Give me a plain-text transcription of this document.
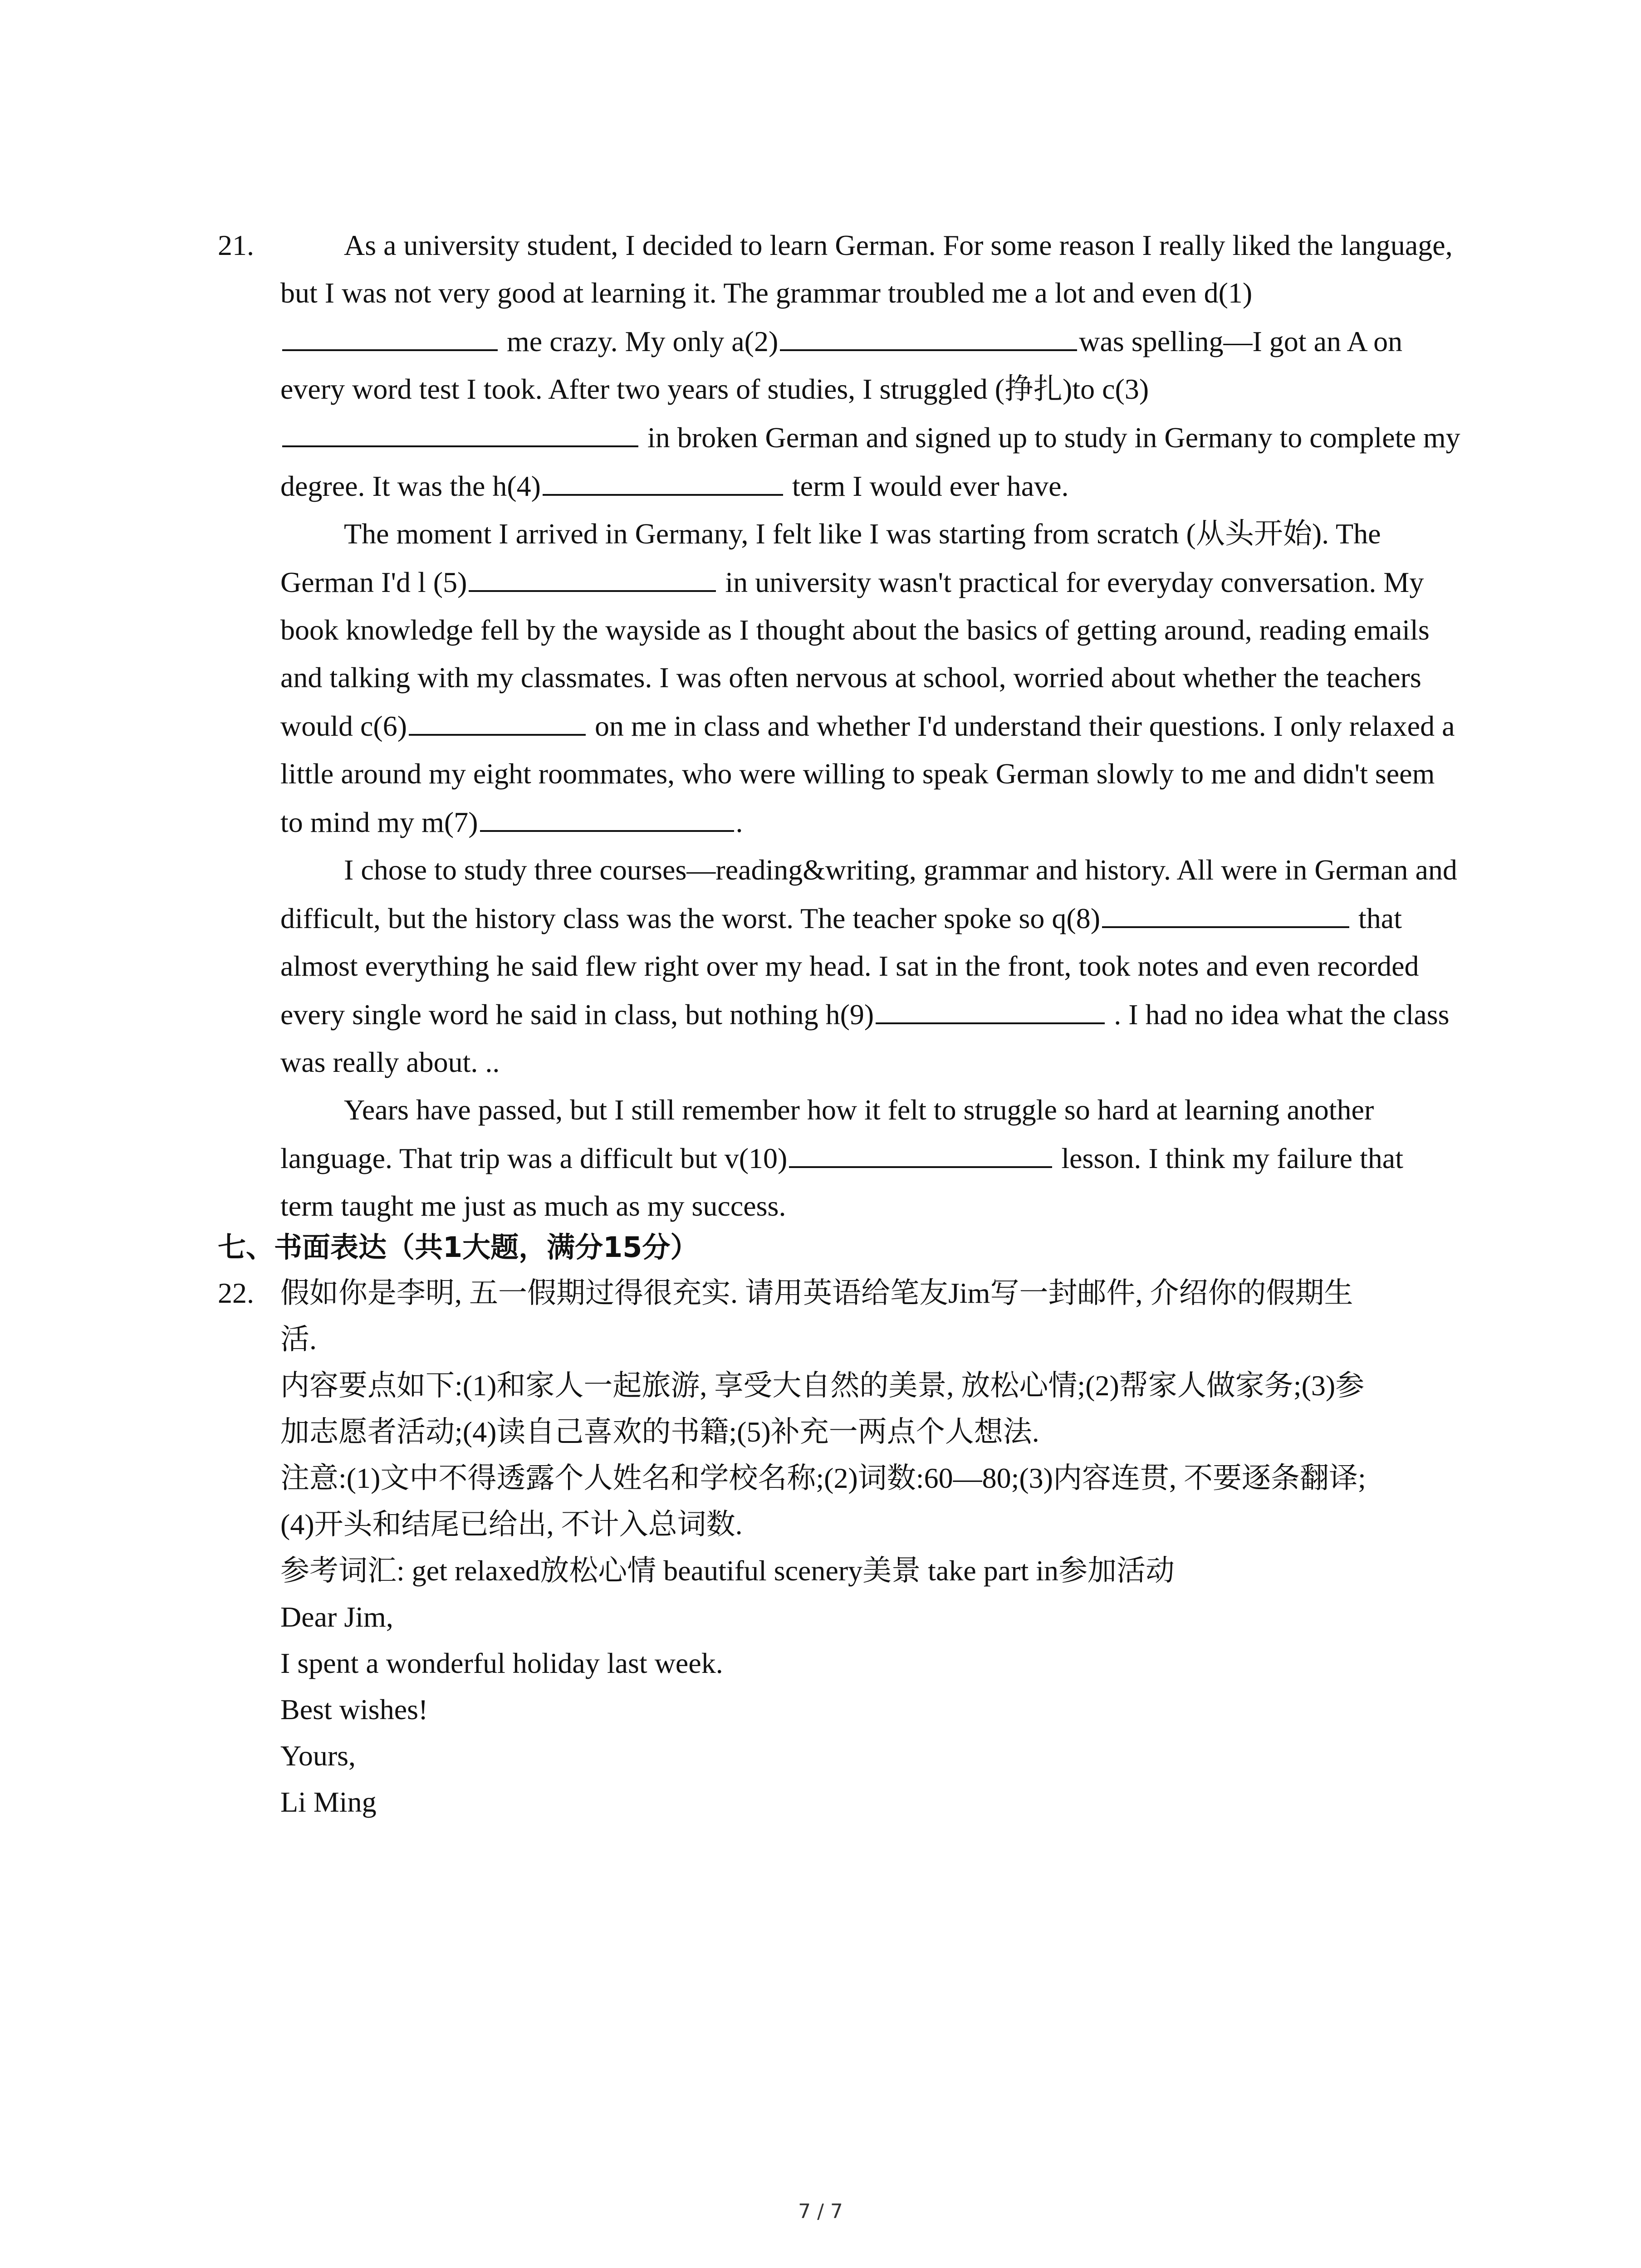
21.	As a university student, I decided to learn German. For some reason I really liked the language, but I was not very good at learning it. The grammar troubled me a lot and even d(1) me crazy. My only a(2)	was spelling—I got an A on every word test I took. After two years of studies, I struggled (挣扎)to c(3) in broken German and signed up to study in Germany to complete my degree. It was the h(4)	term I would ever have.

The moment I arrived in Germany, I felt like I was starting from scratch (从头开始). The German I'd l (5)	in university wasn't practical for everyday conversation. My book knowledge fell by the wayside as I thought about the basics of getting around, reading emails and talking with my classmates. I was often nervous at school, worried about whether the teachers would c(6)	on me in class and whether I'd understand their questions. I only relaxed a little around my eight roommates, who were willing to speak German slowly to me and didn't seem to mind my m(7)	.

I chose to study three courses—reading&writing, grammar and history. All were in German and difficult, but the history class was the worst. The teacher spoke so q(8)	that almost everything he said flew right over my head. I sat in the front, took notes and even recorded every single word he said in class, but nothing h(9)	. I had no idea what the class was really about. ..

Years have passed, but I still remember how it felt to struggle so hard at learning another language. That trip was a difficult but v(10)	lesson. I think my failure that term taught me just as much as my success.

七、书面表达（共1大题，满分15分）
22. 假如你是李明, 五一假期过得很充实. 请用英语给笔友Jim写一封邮件, 介绍你的假期生
活.
内容要点如下:(1)和家人一起旅游, 享受大自然的美景, 放松心情;(2)帮家人做家务;(3)参
加志愿者活动;(4)读自己喜欢的书籍;(5)补充一两点个人想法.
注意:(1)文中不得透露个人姓名和学校名称;(2)词数:60—80;(3)内容连贯, 不要逐条翻译;
(4)开头和结尾已给出, 不计入总词数.
参考词汇: get relaxed放松心情 beautiful scenery美景 take part in参加活动
Dear Jim,
I spent a wonderful holiday last week.
Best wishes!
Yours,
Li Ming
7 / 7
